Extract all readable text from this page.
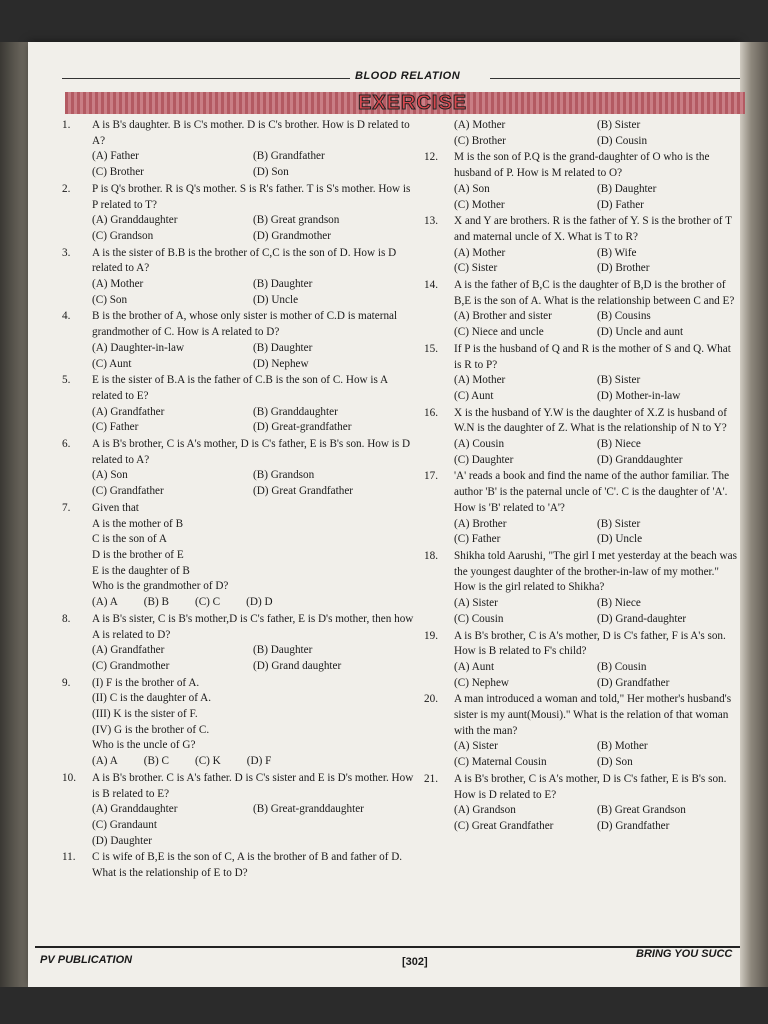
BLOOD RELATION
EXERCISE
1.	A is B's daughter. B is C's mother. D is C's brother. How is D related to A?
(A) Father	(B) Grandfather
(C) Brother	(D) Son
2.	P is Q's brother. R is Q's mother. S is R's father. T is S's mother. How is P related to T?
(A) Granddaughter	(B) Great grandson
(C) Grandson	(D) Grandmother
3.	A is the sister of B.B is the brother of C,C is the son of D. How is D related to A?
(A) Mother	(B) Daughter
(C) Son	(D) Uncle
4.	B is the brother of A, whose only sister is mother of C.D is maternal grandmother of C. How is A related to D?
(A) Daughter-in-law	(B) Daughter
(C) Aunt	(D) Nephew
5.	E is the sister of B.A is the father of C.B is the son of C. How is A related to E?
(A) Grandfather	(B) Granddaughter
(C) Father	(D) Great-grandfather
6.	A is B's brother, C is A's mother, D is C's father, E is B's son. How is D related to A?
(A) Son	(B) Grandson
(C) Grandfather	(D) Great Grandfather
7.	Given that
A is the mother of B
C is the son of A
D is the brother of E
E is the daughter of B
Who is the grandmother of D?
(A) A (B) B (C) C (D) D
8.	A is B's sister, C is B's mother,D is C's father, E is D's mother, then how A is related to D?
(A) Grandfather	(B) Daughter
(C) Grandmother	(D) Grand daughter
9.	(I) F is the brother of A.
(II) C is the daughter of A.
(III) K is the sister of F.
(IV) G is the brother of C.
Who is the uncle of G?
(A) A (B) C (C) K (D) F
10.	A is B's brother. C is A's father. D is C's sister and E is D's mother. How is B related to E?
(A) Granddaughter	(B) Great-granddaughter
(C) Grandaunt
(D) Daughter
11.	C is wife of B,E is the son of C, A is the brother of B and father of D. What is the relationship of E to D?
(A) Mother	(B) Sister
(C) Brother	(D) Cousin
12.	M is the son of P.Q is the grand-daughter of O who is the husband of P. How is M related to O?
(A) Son	(B) Daughter
(C) Mother	(D) Father
13.	X and Y are brothers. R is the father of Y. S is the brother of T and maternal uncle of X. What is T to R?
(A) Mother	(B) Wife
(C) Sister	(D) Brother
14.	A is the father of B,C is the daughter of B,D is the brother of B,E is the son of A. What is the relationship between C and E?
(A) Brother and sister	(B) Cousins
(C) Niece and uncle	(D) Uncle and aunt
15.	If P is the husband of Q and R is the mother of S and Q. What is R to P?
(A) Mother	(B) Sister
(C) Aunt	(D) Mother-in-law
16.	X is the husband of Y.W is the daughter of X.Z is husband of W.N is the daughter of Z. What is the relationship of N to Y?
(A) Cousin	(B) Niece
(C) Daughter	(D) Granddaughter
17.	'A' reads a book and find the name of the author familiar. The author 'B' is the paternal uncle of 'C'. C is the daughter of 'A'. How is 'B' related to 'A'?
(A) Brother	(B) Sister
(C) Father	(D) Uncle
18.	Shikha told Aarushi, "The girl I met yesterday at the beach was the youngest daughter of the brother-in-law of my mother." How is the girl related to Shikha?
(A) Sister	(B) Niece
(C) Cousin	(D) Grand-daughter
19.	A is B's brother, C is A's mother, D is C's father, F is A's son. How is B related to F's child?
(A) Aunt	(B) Cousin
(C) Nephew	(D) Grandfather
20.	A man introduced a woman and told," Her mother's husband's sister is my aunt(Mousi)." What is the relation of that woman with the man?
(A) Sister	(B) Mother
(C) Maternal Cousin	(D) Son
21.	A is B's brother, C is A's mother, D is C's father, E is B's son. How is D related to E?
(A) Grandson	(B) Great Grandson
(C) Great Grandfather	(D) Grandfather
PV PUBLICATION	[302]
BRING YOU SUCC
